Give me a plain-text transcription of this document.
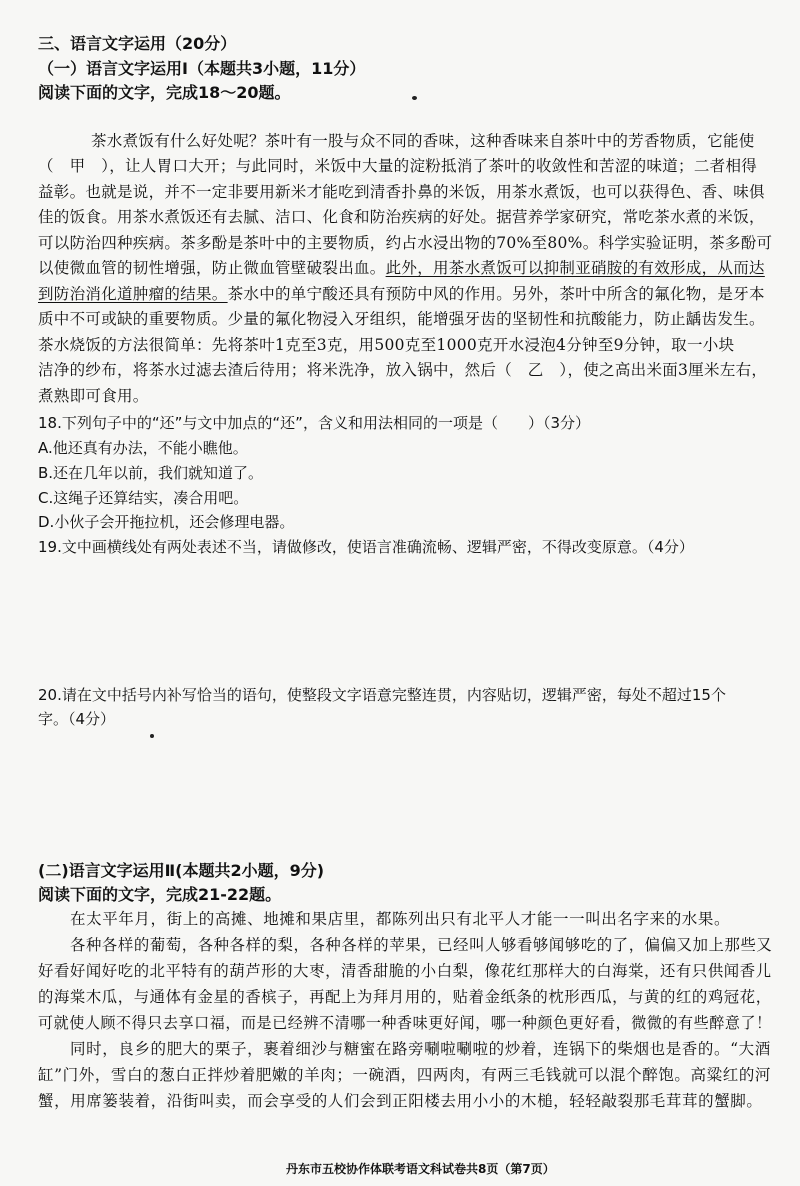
三、语言文字运用（20分）
（一）语言文字运用Ⅰ（本题共3小题，11分）
阅读下面的文字，完成18～20题。
茶水煮饭有什么好处呢？茶叶有一股与众不同的香味，这种香味来自茶叶中的芳香物质，它能使
（　甲　），让人胃口大开；与此同时，米饭中大量的淀粉抵消了茶叶的收敛性和苦涩的味道；二者相得
益彰。也就是说，并不一定非要用新米才能吃到清香扑鼻的米饭，用茶水煮饭，也可以获得色、香、味俱
佳的饭食。用茶水煮饭还有去腻、洁口、化食和防治疾病的好处。据营养学家研究，常吃茶水煮的米饭，
可以防治四种疾病。茶多酚是茶叶中的主要物质，约占水浸出物的70%至80%。科学实验证明，茶多酚可
以使微血管的韧性增强，防止微血管壁破裂出血。此外，用茶水煮饭可以抑制亚硝胺的有效形成，从而达
到防治消化道肿瘤的结果。茶水中的单宁酸还具有预防中风的作用。另外，茶叶中所含的氟化物，是牙本
质中不可或缺的重要物质。少量的氟化物浸入牙组织，能增强牙齿的坚韧性和抗酸能力，防止龋齿发生。
茶水烧饭的方法很简单：先将茶叶1克至3克，用500克至1000克开水浸泡4分钟至9分钟，取一小块
洁净的纱布，将茶水过滤去渣后待用；将米洗净，放入锅中，然后（　乙　），使之高出米面3厘米左右，
煮熟即可食用。
18.下列句子中的“还”与文中加点的“还”，含义和用法相同的一项是（　　）（3分）
A.他还真有办法，不能小瞧他。
B.还在几年以前，我们就知道了。
C.这绳子还算结实，凑合用吧。
D.小伙子会开拖拉机，还会修理电器。
19.文中画横线处有两处表述不当，请做修改，使语言准确流畅、逻辑严密，不得改变原意。（4分）
20.请在文中括号内补写恰当的语句，使整段文字语意完整连贯，内容贴切，逻辑严密，每处不超过15个
字。（4分）
(二)语言文字运用Ⅱ(本题共2小题，9分)
阅读下面的文字，完成21-22题。
在太平年月，街上的高摊、地摊和果店里，都陈列出只有北平人才能一一叫出名字来的水果。
各种各样的葡萄，各种各样的梨，各种各样的苹果，已经叫人够看够闻够吃的了，偏偏又加上那些又
好看好闻好吃的北平特有的葫芦形的大枣，清香甜脆的小白梨，像花红那样大的白海棠，还有只供闻香儿
的海棠木瓜，与通体有金星的香槟子，再配上为拜月用的，贴着金纸条的枕形西瓜，与黄的红的鸡冠花，
可就使人顾不得只去享口福，而是已经辨不清哪一种香味更好闻，哪一种颜色更好看，微微的有些醉意了！
同时，良乡的肥大的栗子，裹着细沙与糖蜜在路旁唰啦唰啦的炒着，连锅下的柴烟也是香的。“大酒
缸”门外，雪白的葱白正拌炒着肥嫩的羊肉；一碗酒，四两肉，有两三毛钱就可以混个醉饱。高粱红的河
蟹，用席篓装着，沿街叫卖，而会享受的人们会到正阳楼去用小小的木槌，轻轻敲裂那毛茸茸的蟹脚。
丹东市五校协作体联考语文科试卷共8页（第7页）
